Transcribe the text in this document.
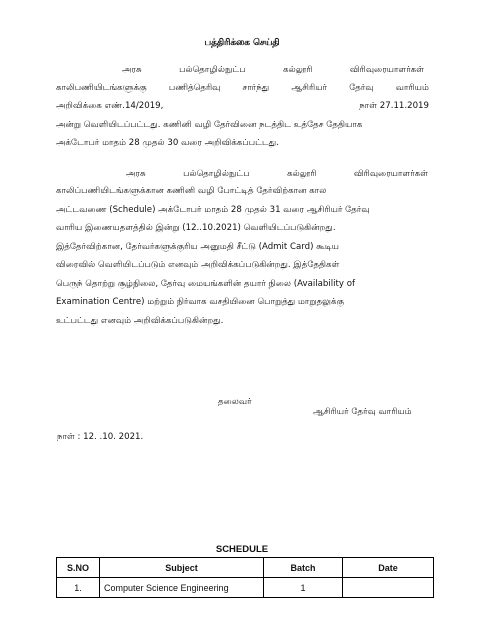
பத்திரிக்கை செய்தி
அரசு	பல்தொழில்நுட்ப	கல்லூரி	விரிவுரையாளர்கள்
காலிபணியிடங்களுக்கு	பணித்தெரிவு	சார்ந்து	ஆசிரியர்	தேர்வு	வாரியம்
அறிவிக்கை எண்.14/2019,	நாள் 27.11.2019
அன்று வெளியிடப்பட்டது. கணினி வழி தேர்வினை நடத்திட உத்தேச தேதியாக
அக்டோபர் மாதம் 28 முதல் 30 வரை அறிவிக்கப்பட்டது.
அரசு	பல்தொழில்நுட்ப	கல்லூரி	விரிவுரையாளர்கள்
காலிப்பணியிடங்களுக்கான கணினி வழி போட்டித் தேர்விற்கான கால
அட்டவணை (Schedule) அக்டோபர் மாதம் 28 முதல் 31 வரை ஆசிரியர் தேர்வு
வாரிய இணையதளத்தில் இன்று (12..10.2021) வெளியிடப்படுகின்றது.
இத்தேர்விற்கான, தேர்வர்களுக்குரிய அனுமதி சீட்டு (Admit Card) கூடிய
விரைவில் வெளியிடப்படும் எனவும் அறிவிக்கப்படுகின்றது. இத்தேதிகள்
பெருந் தொற்று சூழ்நிலை, தேர்வு மையங்களின் தயார் நிலை (Availability of
Examination Centre) மற்றும் நிர்வாக வசதியினை பொறுத்து மாறுதலுக்கு
உட்பட்டது எனவும் அறிவிக்கப்படுகின்றது.
தலைவர்
ஆசிரியர் தேர்வு வாரியம்
நாள் : 12. .10. 2021.
SCHEDULE
S.NO	Subject	Batch	Date
1.	Computer Science Engineering	1	
